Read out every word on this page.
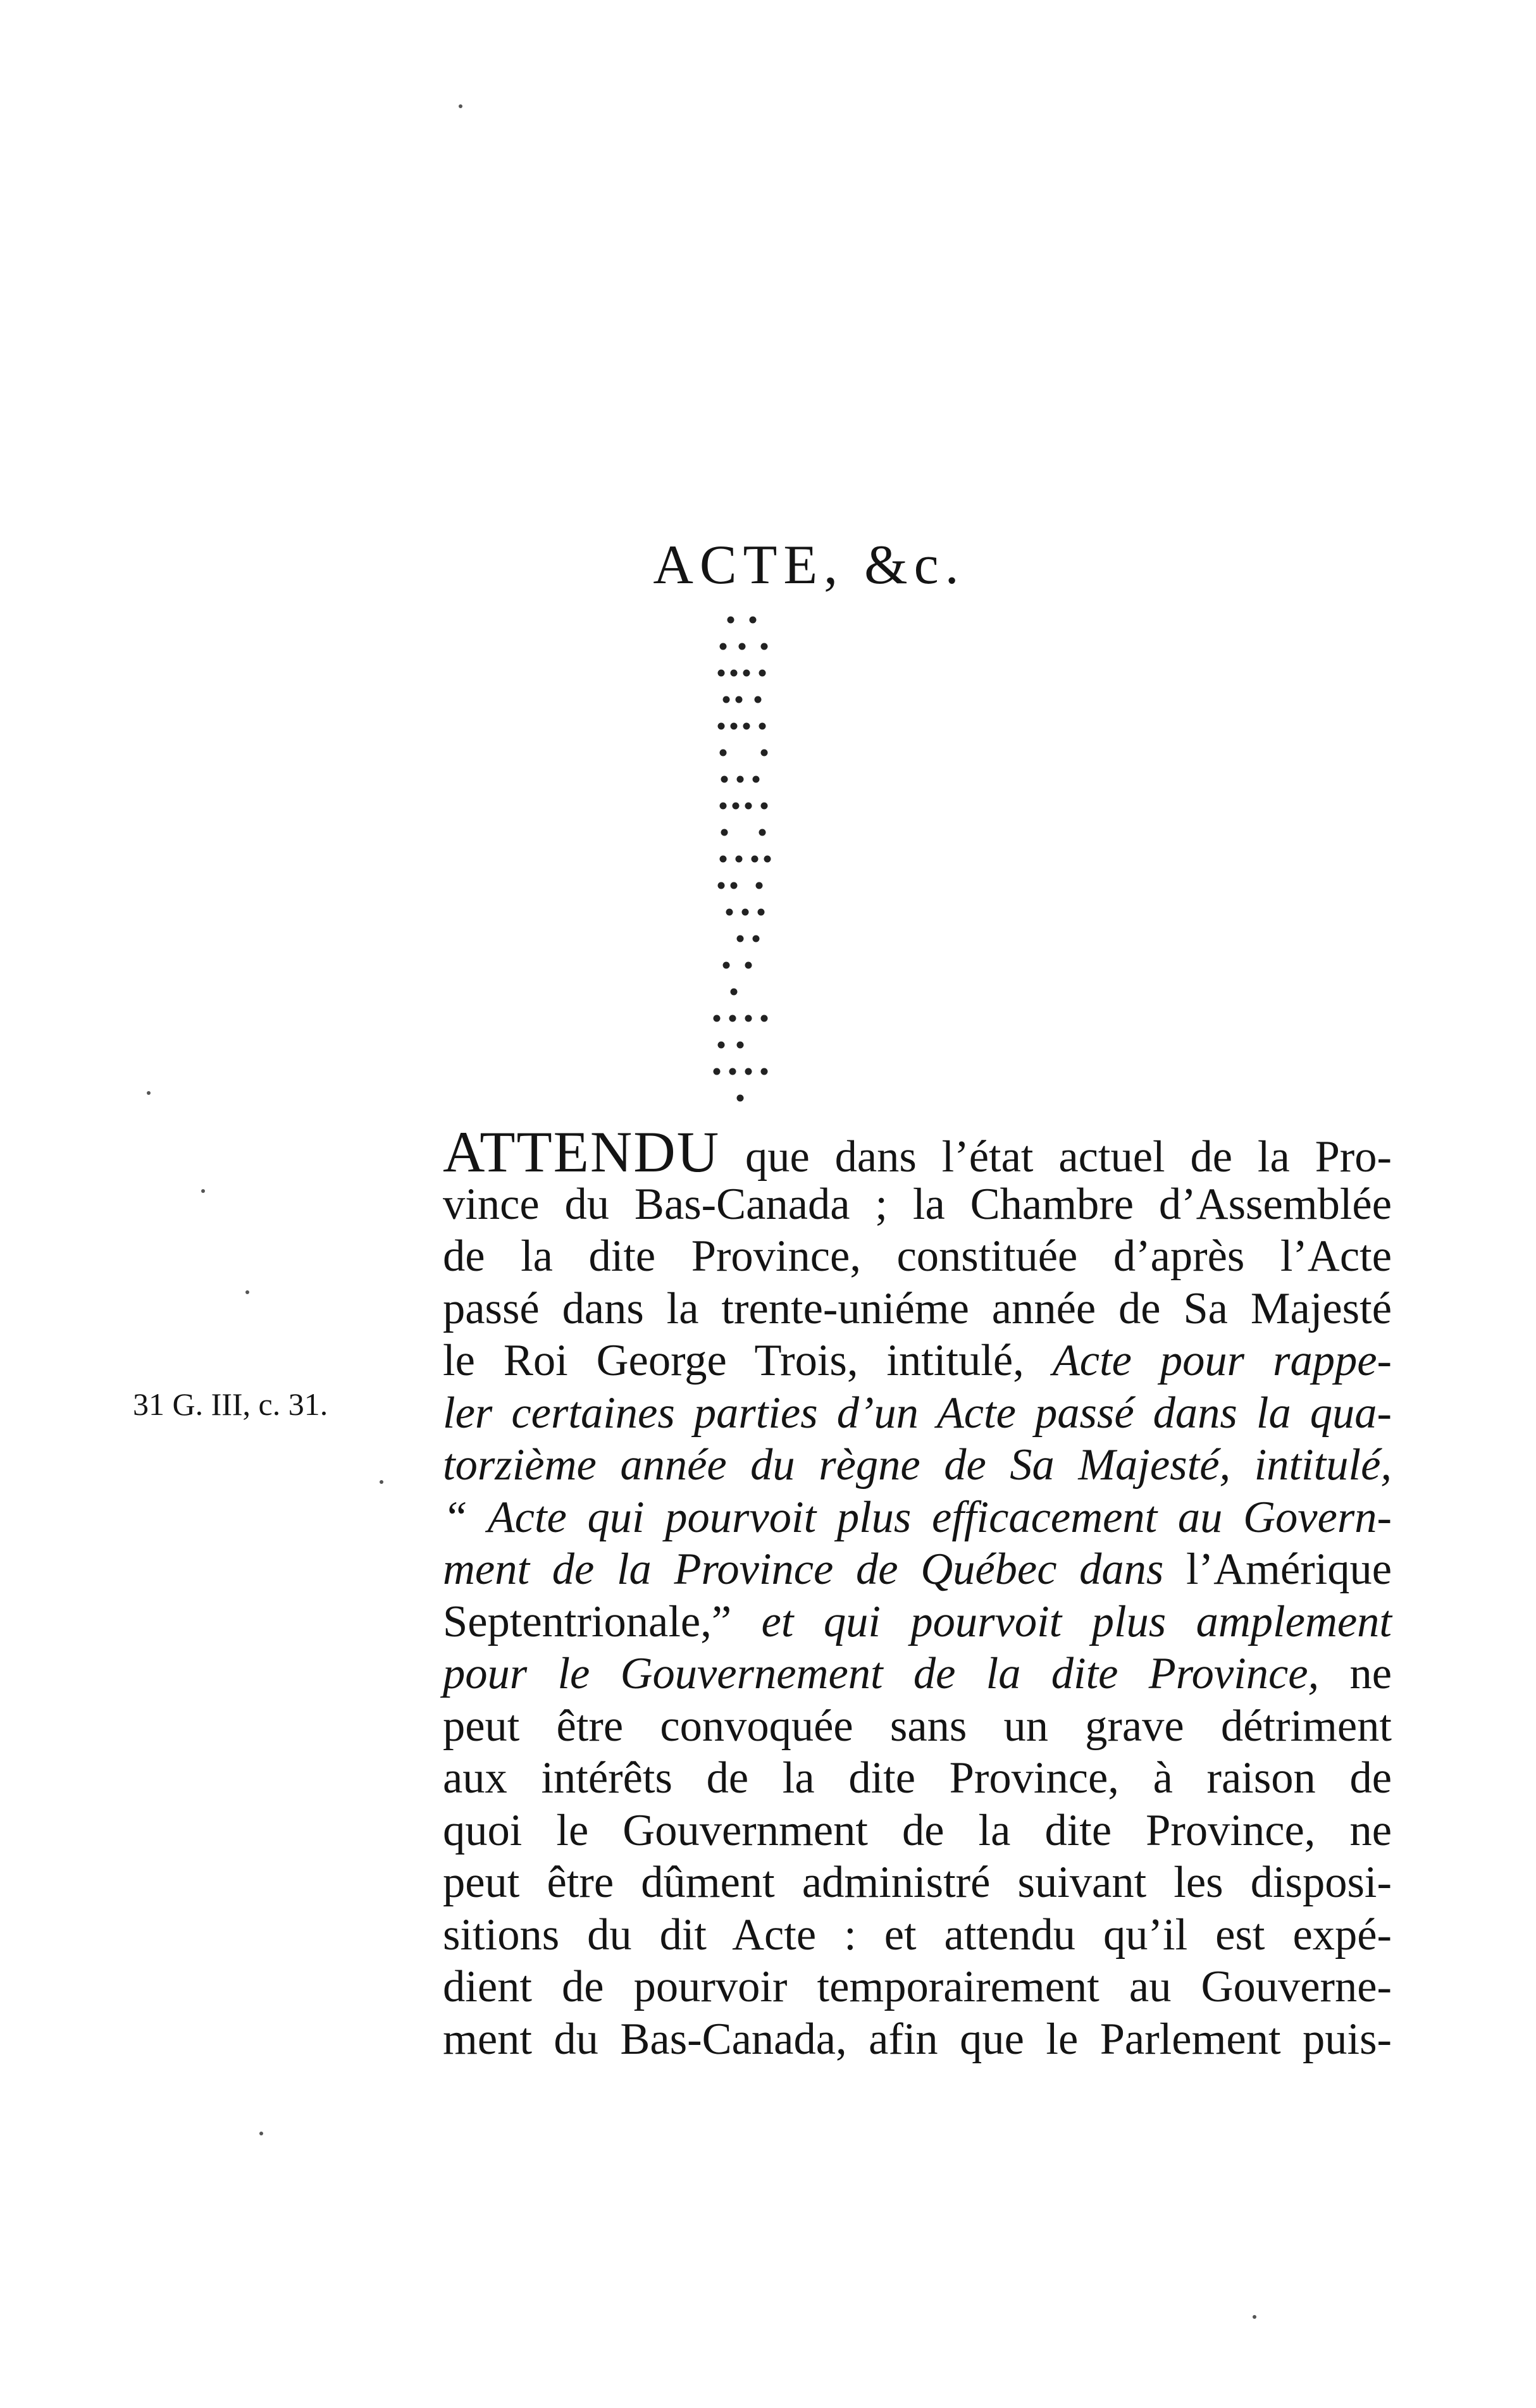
ACTE, &c.
31 G. III, c. 31.
ATTENDU que dans l’état actuel de la Pro-
vince du Bas-Canada ; la Chambre d’Assemblée
de la dite Province, constituée d’après l’Acte
passé dans la trente-uniéme année de Sa Majesté
le Roi George Trois, intitulé, Acte pour rappe-
ler certaines parties d’un Acte passé dans la qua-
torzième année du règne de Sa Majesté, intitulé,
“ Acte qui pourvoit plus efficacement au Govern-
ment de la Province de Québec dans l’Amérique
Septentrionale,” et qui pourvoit plus amplement
pour le Gouvernement de la dite Province, ne
peut être convoquée sans un grave détriment
aux intérêts de la dite Province, à raison de
quoi le Gouvernment de la dite Province, ne
peut être dûment administré suivant les disposi-
sitions du dit Acte : et attendu qu’il est expé-
dient de pourvoir temporairement au Gouverne-
ment du Bas-Canada, afin que le Parlement puis-
